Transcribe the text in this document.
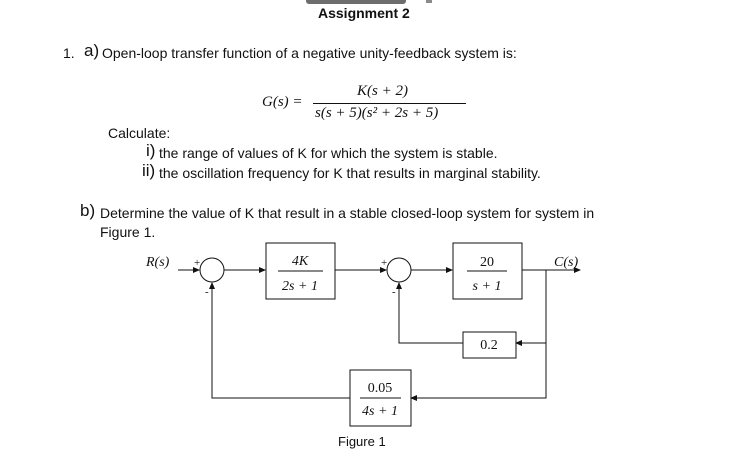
Assignment 2
1. a) Open-loop transfer function of a negative unity-feedback system is:
G(s) =
K(s + 2)
s(s + 5)(s² + 2s + 5)
Calculate:
i) the range of values of K for which the system is stable.
ii) the oscillation frequency for K that results in marginal stability.
b) Determine the value of K that result in a stable closed-loop system for system in
Figure 1.
R(s)	C(s)
4K
2s + 1
20
s + 1
0.2
0.05
4s + 1
+
-
+
-
Figure 1
